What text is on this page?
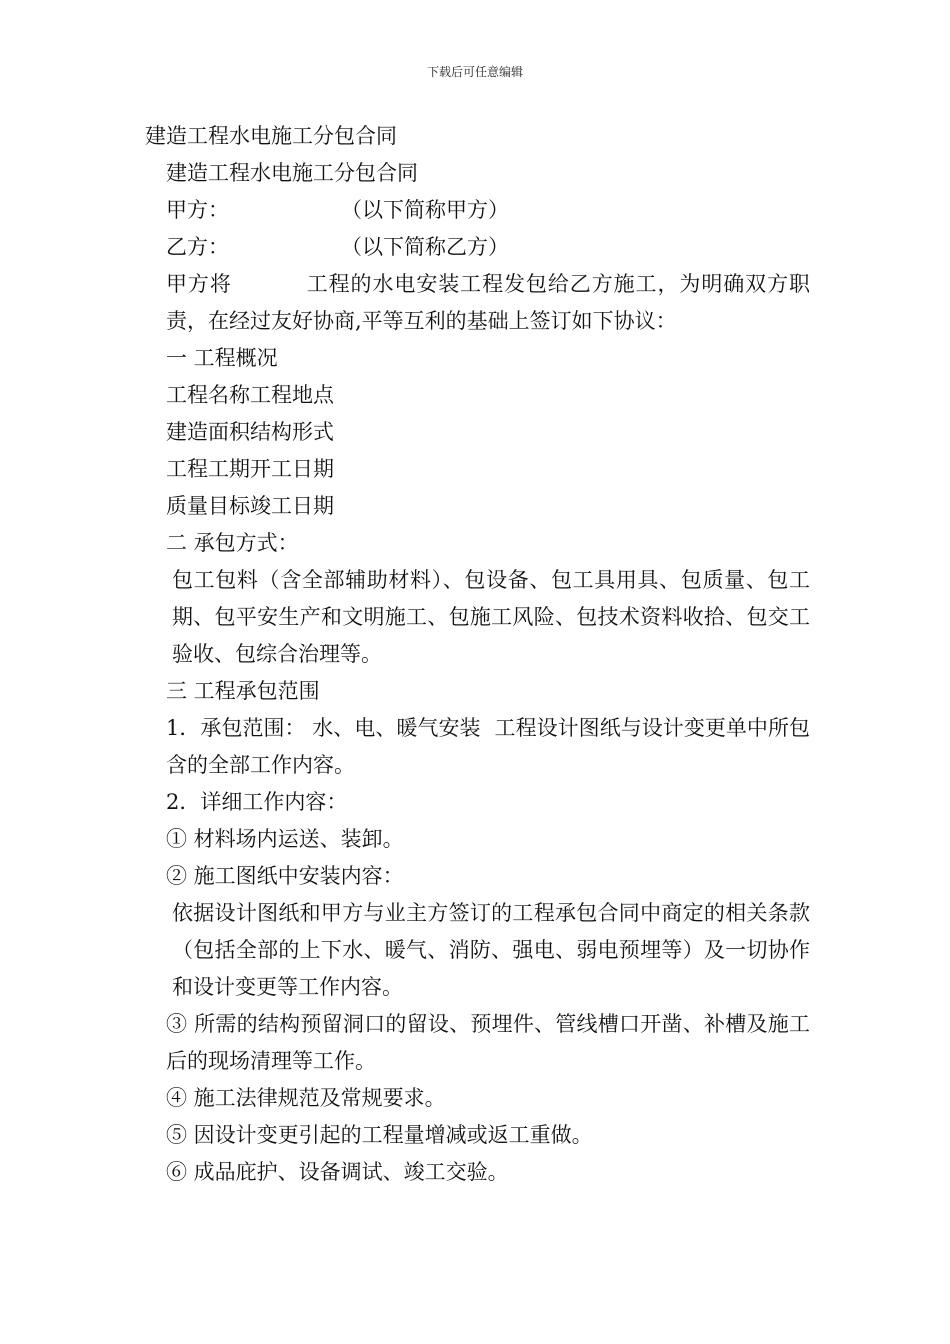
下载后可任意编辑
建造工程水电施工分包合同
建造工程水电施工分包合同
甲方：	（以下简称甲方）
乙方：	（以下简称乙方）
甲方将	工程的水电安装工程发包给乙方施工，为明确双方职责，在经过友好协商,平等互利的基础上签订如下协议：
一 工程概况
工程名称工程地点
建造面积结构形式
工程工期开工日期
质量目标竣工日期
二 承包方式：
包工包料（含全部辅助材料）、包设备、包工具用具、包质量、包工期、包平安生产和文明施工、包施工风险、包技术资料收拾、包交工验收、包综合治理等。
三 工程承包范围
1．承包范围： 水、电、暖气安装 工程设计图纸与设计变更单中所包含的全部工作内容。
2．详细工作内容：
① 材料场内运送、装卸。
② 施工图纸中安装内容：
依据设计图纸和甲方与业主方签订的工程承包合同中商定的相关条款（包括全部的上下水、暖气、消防、强电、弱电预埋等）及一切协作和设计变更等工作内容。
③ 所需的结构预留洞口的留设、预埋件、管线槽口开凿、补槽及施工后的现场清理等工作。
④ 施工法律规范及常规要求。
⑤ 因设计变更引起的工程量增减或返工重做。
⑥ 成品庇护、设备调试、竣工交验。
